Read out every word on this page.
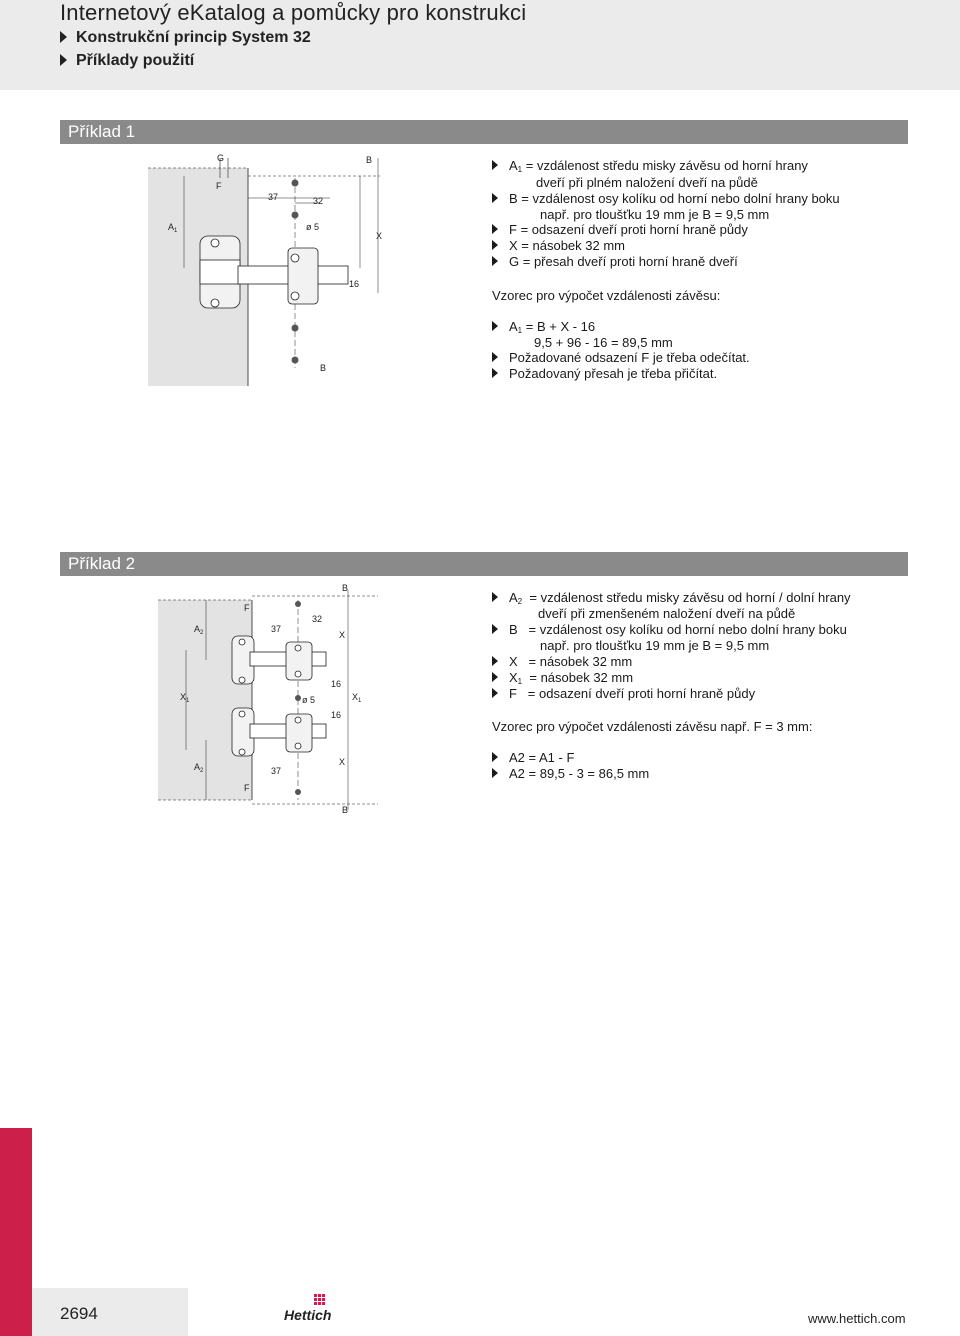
Internetový eKatalog a pomůcky pro konstrukci
Konstrukční princip System 32
Příklady použití
Příklad 1
G	B
F
37	32
$A_1$	ø 5
X
16
B
$A_1$ = vzdálenost středu misky závěsu od horní hrany
dveří při plném naložení dveří na půdě
B = vzdálenost osy kolíku od horní nebo dolní hrany boku
např. pro tloušťku 19 mm je B = 9,5 mm
F = odsazení dveří proti horní hraně půdy
X = násobek 32 mm
G = přesah dveří proti horní hraně dveří
Vzorec pro výpočet vzdálenosti závěsu:
$A_1 = B + X - 16$
9,5 + 96 - 16 = 89,5 mm
Požadované odsazení F je třeba odečítat.
Požadovaný přesah je třeba přičítat.
Příklad 2
B
F
$A_2$	37
32
X
$X_1$
16
ø 5	$X_1$
16
$A_2$	37
X
F
B
$A_2$ = vzdálenost středu misky závěsu od horní / dolní hrany
dveří při zmenšeném naložení dveří na půdě
B = vzdálenost osy kolíku od horní nebo dolní hrany boku
např. pro tloušťku 19 mm je B = 9,5 mm
X = násobek 32 mm
$X_1$ = násobek 32 mm
F = odsazení dveří proti horní hraně půdy
Vzorec pro výpočet vzdálenosti závěsu např. F = 3 mm:
A2 = A1 - F
A2 = 89,5 - 3 = 86,5 mm
2694	Hettich	www.hettich.com
